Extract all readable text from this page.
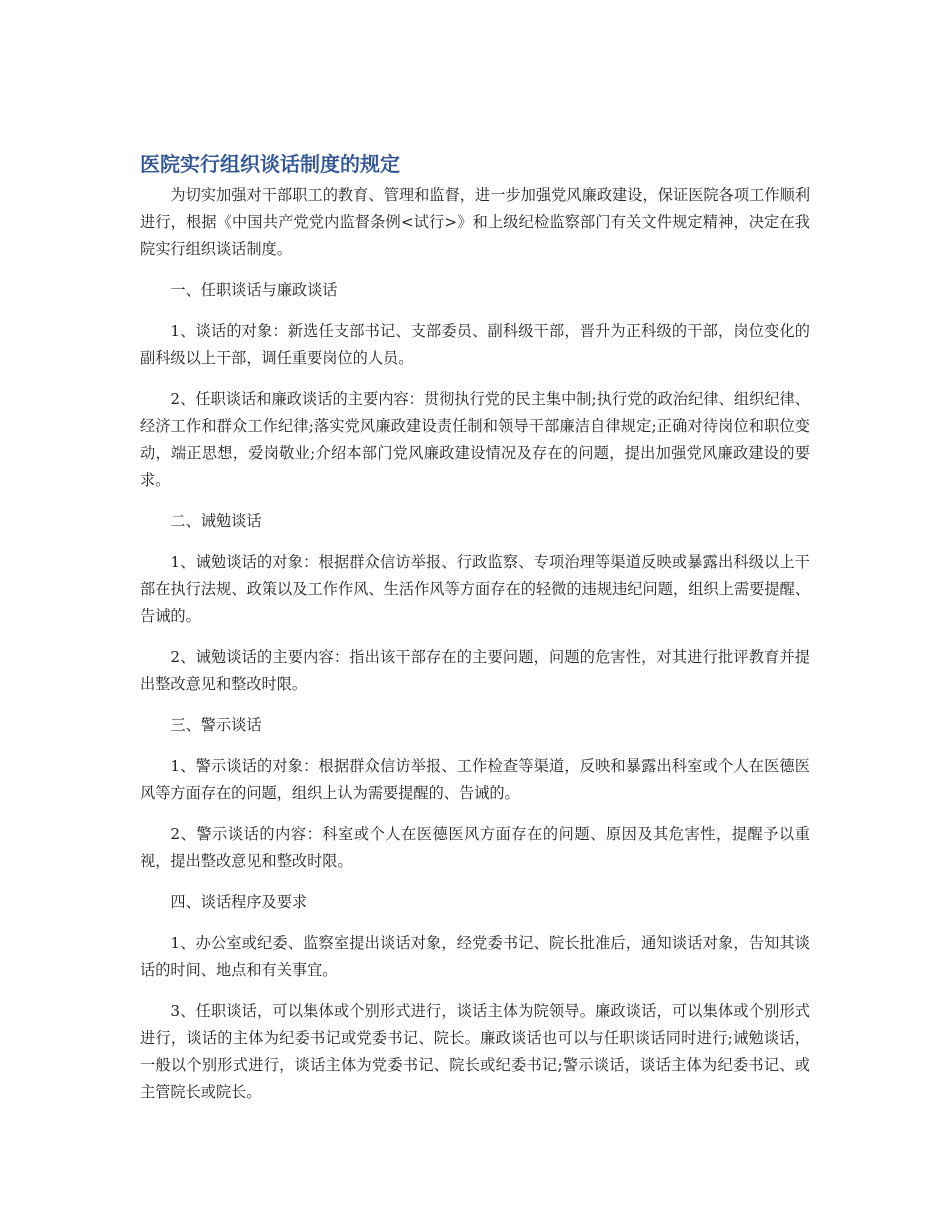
医院实行组织谈话制度的规定

为切实加强对干部职工的教育、管理和监督，进一步加强党风廉政建设，保证医院各项工作顺利进行，根据《中国共产党党内监督条例<试行>》和上级纪检监察部门有关文件规定精神，决定在我院实行组织谈话制度。

一、任职谈话与廉政谈话

1、谈话的对象：新选任支部书记、支部委员、副科级干部，晋升为正科级的干部，岗位变化的副科级以上干部，调任重要岗位的人员。

2、任职谈话和廉政谈话的主要内容：贯彻执行党的民主集中制;执行党的政治纪律、组织纪律、经济工作和群众工作纪律;落实党风廉政建设责任制和领导干部廉洁自律规定;正确对待岗位和职位变动，端正思想，爱岗敬业;介绍本部门党风廉政建设情况及存在的问题，提出加强党风廉政建设的要求。

二、诫勉谈话

1、诫勉谈话的对象：根据群众信访举报、行政监察、专项治理等渠道反映或暴露出科级以上干部在执行法规、政策以及工作作风、生活作风等方面存在的轻微的违规违纪问题，组织上需要提醒、告诫的。

2、诫勉谈话的主要内容：指出该干部存在的主要问题，问题的危害性，对其进行批评教育并提出整改意见和整改时限。

三、警示谈话

1、警示谈话的对象：根据群众信访举报、工作检查等渠道，反映和暴露出科室或个人在医德医风等方面存在的问题，组织上认为需要提醒的、告诫的。

2、警示谈话的内容：科室或个人在医德医风方面存在的问题、原因及其危害性，提醒予以重视，提出整改意见和整改时限。

四、谈话程序及要求

1、办公室或纪委、监察室提出谈话对象，经党委书记、院长批准后，通知谈话对象，告知其谈话的时间、地点和有关事宜。

3、任职谈话，可以集体或个别形式进行，谈话主体为院领导。廉政谈话，可以集体或个别形式进行，谈话的主体为纪委书记或党委书记、院长。廉政谈话也可以与任职谈话同时进行;诫勉谈话，一般以个别形式进行，谈话主体为党委书记、院长或纪委书记;警示谈话，谈话主体为纪委书记、或主管院长或院长。
